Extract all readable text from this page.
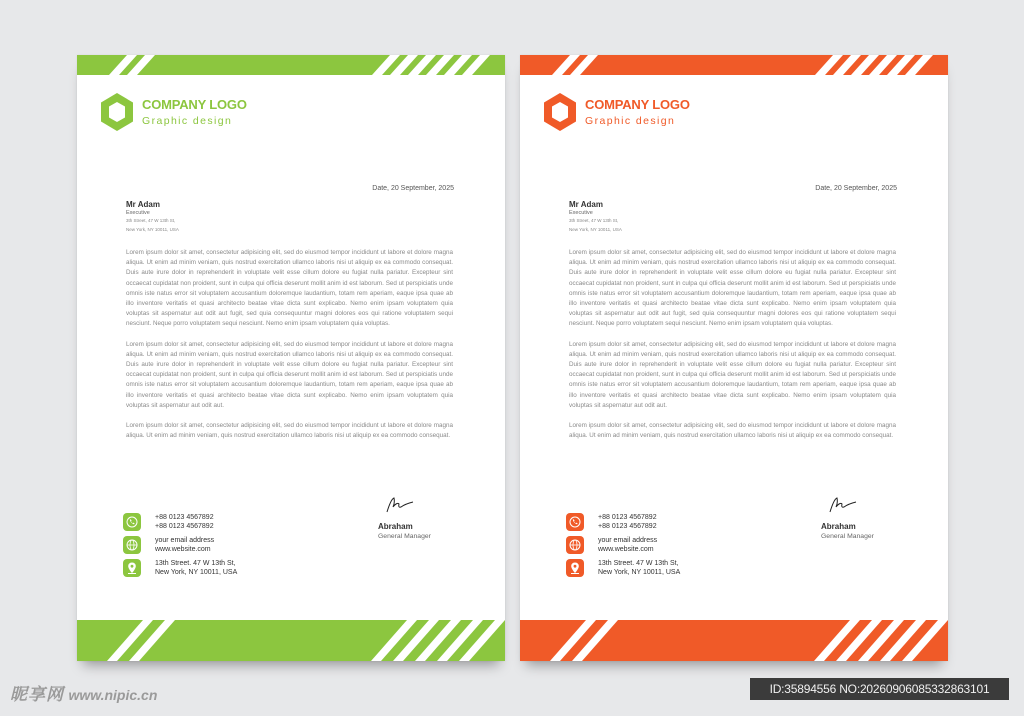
COMPANY LOGO
Graphic design
Date, 20 September, 2025
Mr Adam
Executive
3th Street, 47 W 13th St,
New York, NY 10011, USA

Lorem ipsum dolor sit amet, consectetur adipisicing elit, sed do eiusmod tempor incididunt ut labore et dolore magna aliqua. Ut enim ad minim veniam, quis nostrud exercitation ullamco laboris nisi ut aliquip ex ea commodo consequat. Duis aute irure dolor in reprehenderit in voluptate velit esse cillum dolore eu fugiat nulla pariatur. Excepteur sint occaecat cupidatat non proident, sunt in culpa qui officia deserunt mollit anim id est laborum. Sed ut perspiciatis unde omnis iste natus error sit voluptatem accusantium doloremque laudantium, totam rem aperiam, eaque ipsa quae ab illo inventore veritatis et quasi architecto beatae vitae dicta sunt explicabo. Nemo enim ipsam voluptatem quia voluptas sit aspernatur aut odit aut fugit, sed quia consequuntur magni dolores eos qui ratione voluptatem sequi nesciunt. Neque porro voluptatem sequi nesciunt. Nemo enim ipsam voluptatem quia voluptas.

Lorem ipsum dolor sit amet, consectetur adipisicing elit, sed do eiusmod tempor incididunt ut labore et dolore magna aliqua. Ut enim ad minim veniam, quis nostrud exercitation ullamco laboris nisi ut aliquip ex ea commodo consequat. Duis aute irure dolor in reprehenderit in voluptate velit esse cillum dolore eu fugiat nulla pariatur. Excepteur sint occaecat cupidatat non proident, sunt in culpa qui officia deserunt mollit anim id est laborum. Sed ut perspiciatis unde omnis iste natus error sit voluptatem accusantium doloremque laudantium, totam rem aperiam, eaque ipsa quae ab illo inventore veritatis et quasi architecto beatae vitae dicta sunt explicabo. Nemo enim ipsam voluptatem quia voluptas sit aspernatur aut odit aut.

Lorem ipsum dolor sit amet, consectetur adipisicing elit, sed do eiusmod tempor incididunt ut labore et dolore magna aliqua. Ut enim ad minim veniam, quis nostrud exercitation ullamco laboris nisi ut aliquip ex ea commodo consequat.

+88 0123 4567892
+88 0123 4567892
your email address
www.website.com
13th Street. 47 W 13th St,
New York, NY 10011, USA
Abraham
General Manager
COMPANY LOGO
Graphic design
Date, 20 September, 2025
Mr Adam
Executive
3th Street, 47 W 13th St,
New York, NY 10011, USA

Lorem ipsum dolor sit amet, consectetur adipisicing elit, sed do eiusmod tempor incididunt ut labore et dolore magna aliqua. Ut enim ad minim veniam, quis nostrud exercitation ullamco laboris nisi ut aliquip ex ea commodo consequat. Duis aute irure dolor in reprehenderit in voluptate velit esse cillum dolore eu fugiat nulla pariatur. Excepteur sint occaecat cupidatat non proident, sunt in culpa qui officia deserunt mollit anim id est laborum. Sed ut perspiciatis unde omnis iste natus error sit voluptatem accusantium doloremque laudantium, totam rem aperiam, eaque ipsa quae ab illo inventore veritatis et quasi architecto beatae vitae dicta sunt explicabo. Nemo enim ipsam voluptatem quia voluptas sit aspernatur aut odit aut fugit, sed quia consequuntur magni dolores eos qui ratione voluptatem sequi nesciunt. Neque porro voluptatem sequi nesciunt. Nemo enim ipsam voluptatem quia voluptas.

Lorem ipsum dolor sit amet, consectetur adipisicing elit, sed do eiusmod tempor incididunt ut labore et dolore magna aliqua. Ut enim ad minim veniam, quis nostrud exercitation ullamco laboris nisi ut aliquip ex ea commodo consequat. Duis aute irure dolor in reprehenderit in voluptate velit esse cillum dolore eu fugiat nulla pariatur. Excepteur sint occaecat cupidatat non proident, sunt in culpa qui officia deserunt mollit anim id est laborum. Sed ut perspiciatis unde omnis iste natus error sit voluptatem accusantium doloremque laudantium, totam rem aperiam, eaque ipsa quae ab illo inventore veritatis et quasi architecto beatae vitae dicta sunt explicabo. Nemo enim ipsam voluptatem quia voluptas sit aspernatur aut odit aut.

Lorem ipsum dolor sit amet, consectetur adipisicing elit, sed do eiusmod tempor incididunt ut labore et dolore magna aliqua. Ut enim ad minim veniam, quis nostrud exercitation ullamco laboris nisi ut aliquip ex ea commodo consequat.

+88 0123 4567892
+88 0123 4567892
your email address
www.website.com
13th Street. 47 W 13th St,
New York, NY 10011, USA
Abraham
General Manager
昵享网 www.nipic.cn	ID:35894556 NO:20260906085332863101
